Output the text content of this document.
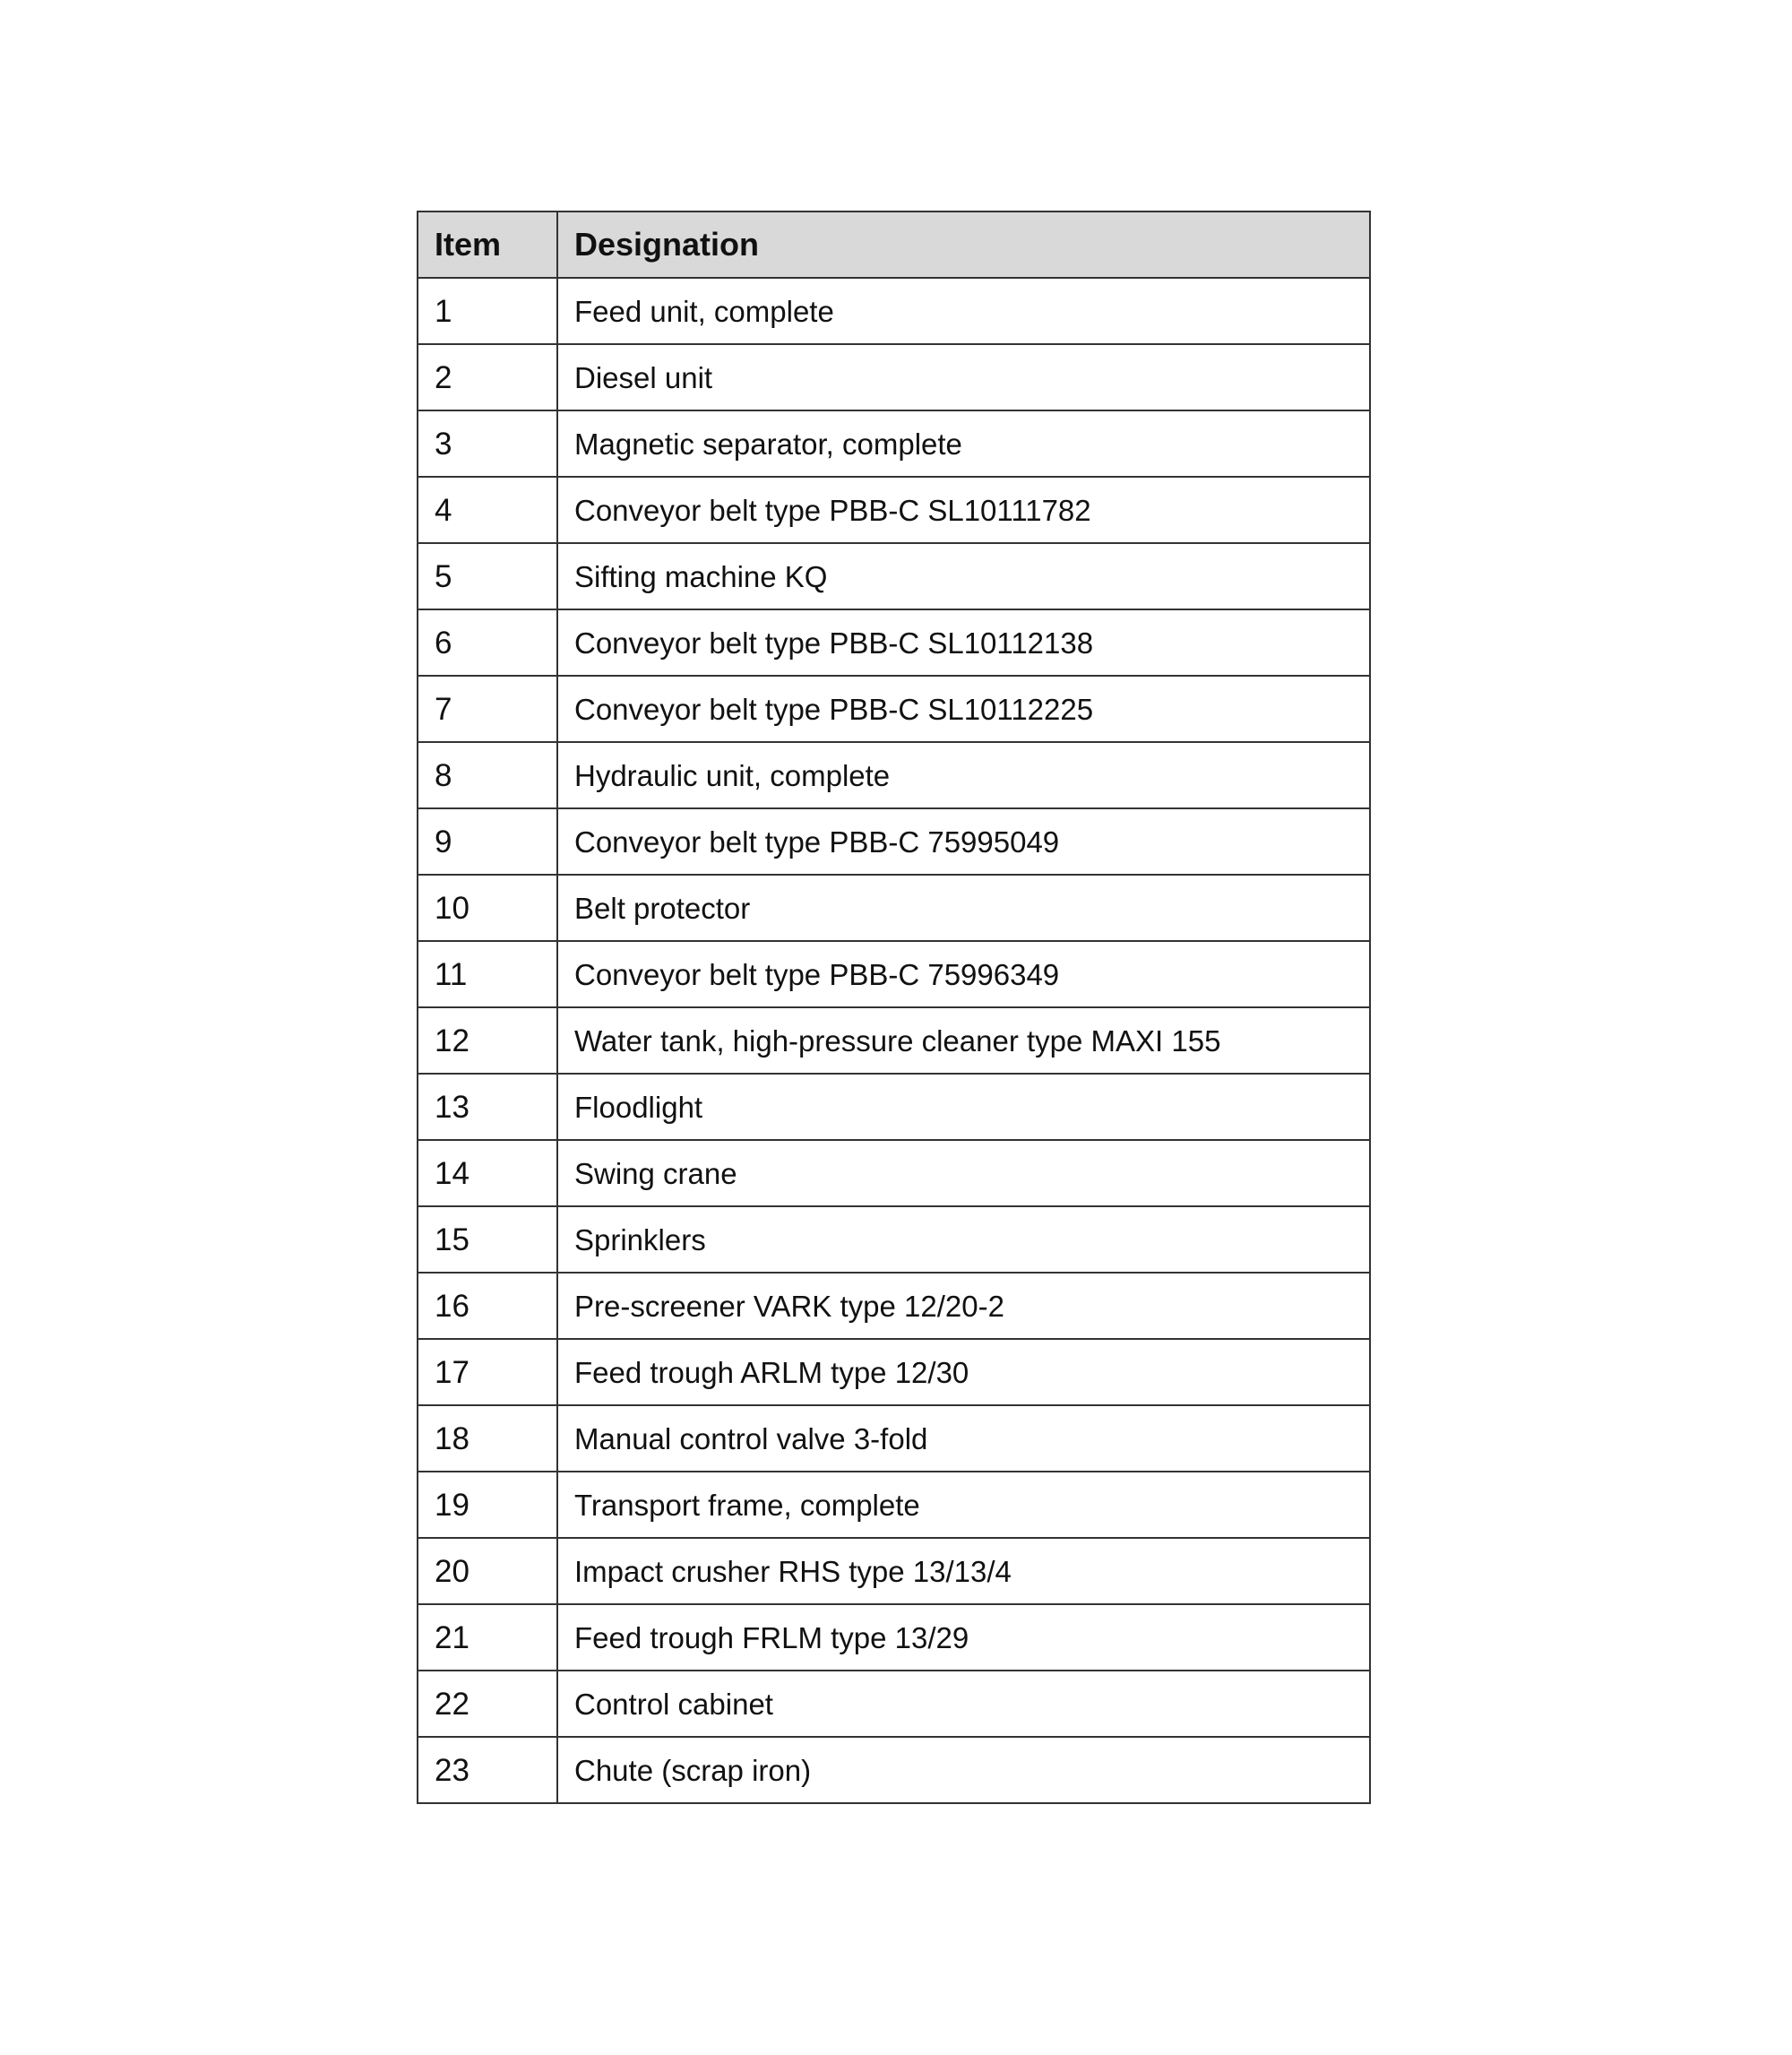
Item	Designation
1	Feed unit, complete
2	Diesel unit
3	Magnetic separator, complete
4	Conveyor belt type PBB-C SL10111782
5	Sifting machine KQ
6	Conveyor belt type PBB-C SL10112138
7	Conveyor belt type PBB-C SL10112225
8	Hydraulic unit, complete
9	Conveyor belt type PBB-C 75995049
10	Belt protector
11	Conveyor belt type PBB-C 75996349
12	Water tank, high-pressure cleaner type MAXI 155
13	Floodlight
14	Swing crane
15	Sprinklers
16	Pre-screener VARK type 12/20-2
17	Feed trough ARLM type 12/30
18	Manual control valve 3-fold
19	Transport frame, complete
20	Impact crusher RHS type 13/13/4
21	Feed trough FRLM type 13/29
22	Control cabinet
23	Chute (scrap iron)
